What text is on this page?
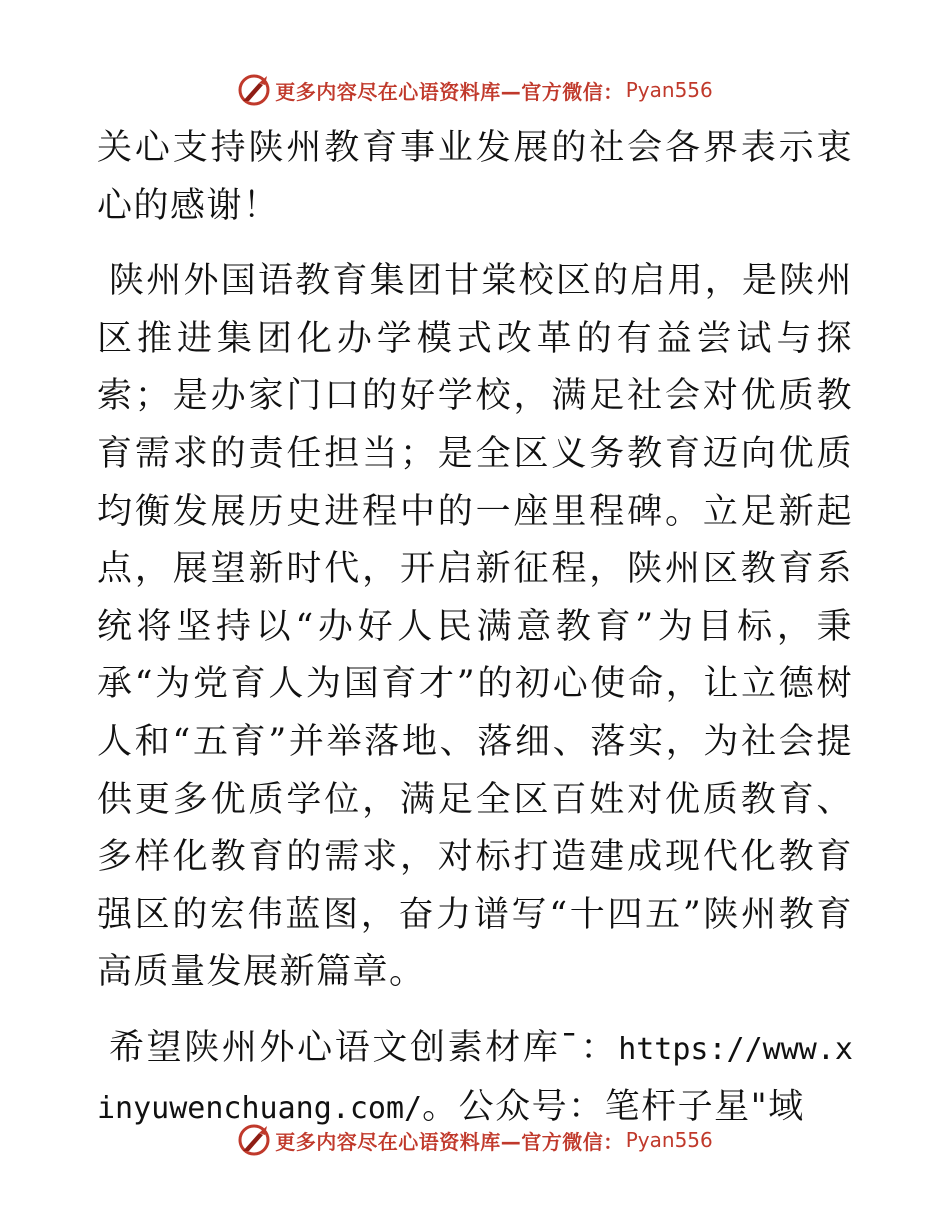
更多内容尽在心语资料库—官方微信： Pyan556

关心支持陕州教育事业发展的社会各界表示衷心的感谢！

陕州外国语教育集团甘棠校区的启用，是陕州区推进集团化办学模式改革的有益尝试与探索；是办家门口的好学校，满足社会对优质教育需求的责任担当；是全区义务教育迈向优质均衡发展历史进程中的一座里程碑。立足新起点，展望新时代，开启新征程，陕州区教育系统将坚持以“办好人民满意教育”为目标，秉承“为党育人为国育才”的初心使命，让立德树人和“五育”并举落地、落细、落实，为社会提供更多优质学位，满足全区百姓对优质教育、多样化教育的需求，对标打造建成现代化教育强区的宏伟蓝图，奋力谱写“十四五”陕州教育高质量发展新篇章。

希望陕州外心语文创素材库¯：https://www.xinyuwenchuang.com/。公众号：笔杆子星"域

更多内容尽在心语资料库—官方微信： Pyan556
